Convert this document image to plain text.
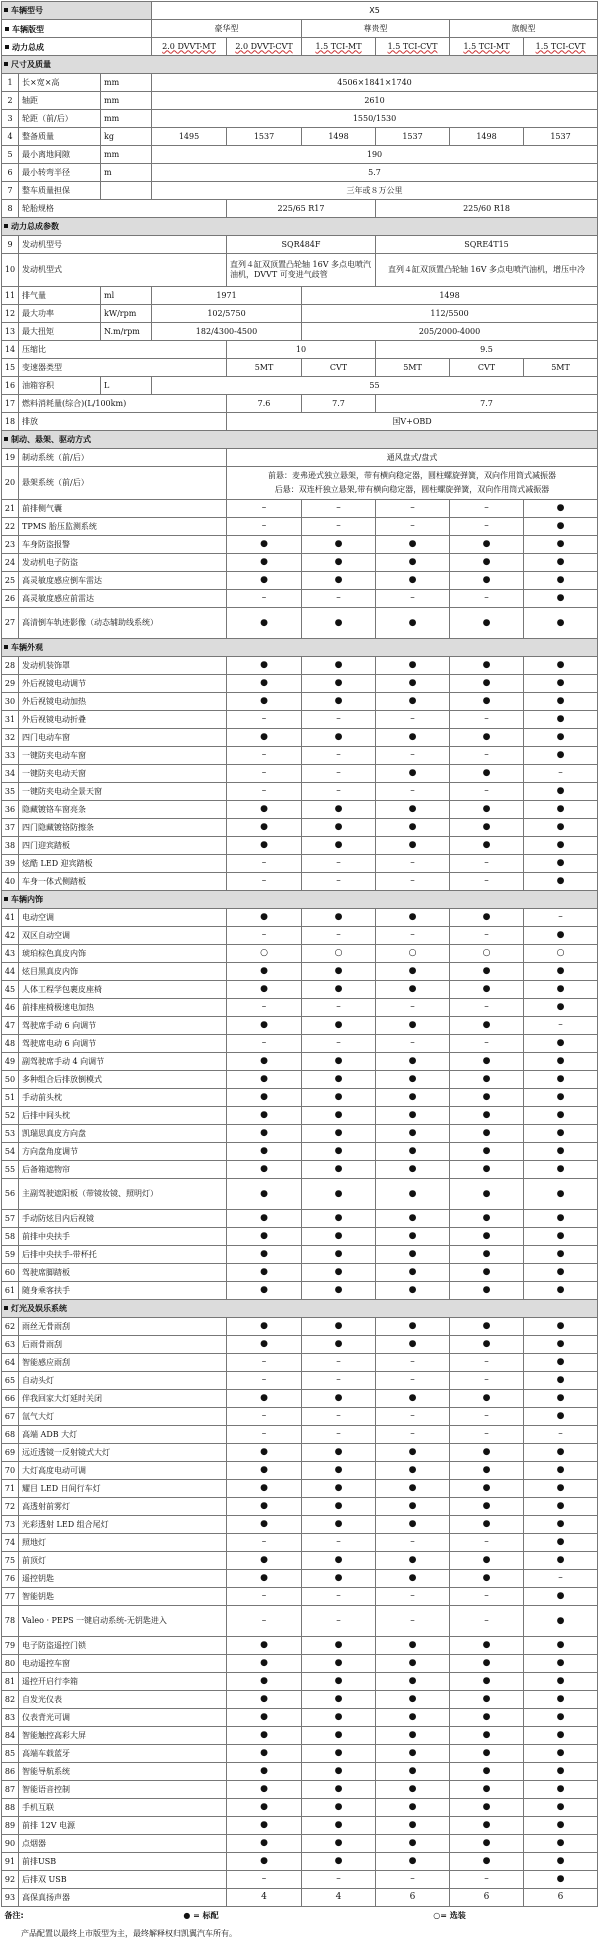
车辆型号			X5						
车辆版型			豪华型		尊贵型		旗舰型		
动力总成			2.0 DVVT-MT	2.0 DVVT-CVT	1.5 TCI-MT	1.5 TCI-CVT	1.5 TCI-MT	1.5 TCI-CVT	
尺寸及质量									
1	长×宽×高	mm	4506×1841×1740						
2	轴距	mm	2610						
3	轮距（前/后）	mm	1550/1530						
4	整备质量	kg	1495	1537	1498	1537	1498	1537	
5	最小离地间隙	mm	190						
6	最小转弯半径	m	5.7						
7	整车质量担保		三年或８万公里						
8	轮胎规格			225/65 R17		225/60 R18			
动力总成参数									
9	发动机型号			SQR484F		SQRE4T15			
10	发动机型式			直列４缸双顶置凸轮轴 16V 多点电喷汽油机，DVVT 可变进气歧管		直列４缸双顶置凸轮轴 16V 多点电喷汽油机，增压中冷			
11	排气量	ml	1971		1498				
12	最大功率	kW/rpm	102/5750		112/5500				
13	最大扭矩	N.m/rpm	182/4300-4500		205/2000-4000				
14	压缩比			10		9.5			
15	变速器类型			5MT	CVT	5MT	CVT	5MT	
16	油箱容积	L	55						
17	燃料消耗量(综合)(L/100km)			7.6	7.7	7.7			
18	排放			国Ⅴ+OBD					
制动、悬架、驱动方式									
19	制动系统（前/后）			通风盘式/盘式					
20	悬架系统（前/后）			前悬：麦弗逊式独立悬架，带有横向稳定器，圆柱螺旋弹簧，双向作用筒式减振器
后悬：双连杆独立悬架,带有横向稳定器，圆柱螺旋弹簧，双向作用筒式减振器					

21	前排侧气囊			–	–	–	–	●	
22	TPMS 胎压监测系统			–	–	–	–	●	
23	车身防盗报警			●	●	●	●	●	
24	发动机电子防盗			●	●	●	●	●	
25	高灵敏度感应倒车雷达			●	●	●	●	●	
26	高灵敏度感应前雷达			–	–	–	–	●	
27	高清倒车轨迹影像（动态辅助线系统）			●	●	●	●	●	
车辆外观									
28	发动机装饰罩			●	●	●	●	●	
29	外后视镜电动调节			●	●	●	●	●	
30	外后视镜电动加热			●	●	●	●	●	
31	外后视镜电动折叠			–	–	–	–	●	
32	四门电动车窗			●	●	●	●	●	
33	一键防夹电动车窗			–	–	–	–	●	
34	一键防夹电动天窗			–	–	●	●	–	
35	一键防夹电动全景天窗			–	–	–	–	●	
36	隐藏镀铬车窗亮条			●	●	●	●	●	
37	四门隐藏镀铬防擦条			●	●	●	●	●	
38	四门迎宾踏板			●	●	●	●	●	
39	炫酷 LED 迎宾踏板			–	–	–	–	●	
40	车身一体式侧踏板			–	–	–	–	●	
车辆内饰									
41	电动空调			●	●	●	●	–	
42	双区自动空调			–	–	–	–	●	
43	琥珀棕色真皮内饰			○	○	○	○	○	
44	炫目黑真皮内饰			●	●	●	●	●	
45	人体工程学包裹皮座椅			●	●	●	●	●	
46	前排座椅极速电加热			–	–	–	–	●	
47	驾驶席手动 6 向调节			●	●	●	●	–	
48	驾驶席电动 6 向调节			–	–	–	–	●	
49	副驾驶席手动 4 向调节			●	●	●	●	●	
50	多种组合后排放倒模式			●	●	●	●	●	
51	手动前头枕			●	●	●	●	●	
52	后排中间头枕			●	●	●	●	●	
53	凯瑞思真皮方向盘			●	●	●	●	●	
54	方向盘角度调节			●	●	●	●	●	
55	后备箱遮物帘			●	●	●	●	●	
56	主副驾驶遮阳板（带镜妆镜、照明灯）			●	●	●	●	●	
57	手动防炫目内后视镜			●	●	●	●	●	
58	前排中央扶手			●	●	●	●	●	
59	后排中央扶手-带杯托			●	●	●	●	●	
60	驾驶席脚踏板			●	●	●	●	●	
61	随身乘客扶手			●	●	●	●	●	
灯光及娱乐系统									
62	雨丝无骨雨刮			●	●	●	●	●	
63	后雨骨雨刮			●	●	●	●	●	
64	智能感应雨刮			–	–	–	–	●	
65	自动头灯			–	–	–	–	●	
66	伴我回家大灯延时关闭			●	●	●	●	●	
67	氙气大灯			–	–	–	–	●	
68	高端 ADB 大灯			–	–	–	–	–	
69	远近透镜一反射镜式大灯			●	●	●	●	●	
70	大灯高度电动可调			●	●	●	●	●	
71	耀目 LED 日间行车灯			●	●	●	●	●	
72	高透射前雾灯			●	●	●	●	●	
73	光彩透射 LED 组合尾灯			●	●	●	●	●	
74	照地灯			–	–	–	–	●	
75	前顶灯			●	●	●	●	●	
76	遥控钥匙			●	●	●	●	–	
77	智能钥匙			–	–	–	–	●	
78	Valeo · PEPS 一键启动系统-无钥匙进入			–	–	–	–	●	
79	电子防盗遥控门锁			●	●	●	●	●	
80	电动遥控车窗			●	●	●	●	●	
81	遥控开启行李箱			●	●	●	●	●	
82	自发光仪表			●	●	●	●	●	
83	仪表背光可调			●	●	●	●	●	
84	智能触控高彩大屏			●	●	●	●	●	
85	高端车载蓝牙			●	●	●	●	●	
86	智能导航系统			●	●	●	●	●	
87	智能语音控制			●	●	●	●	●	
88	手机互联			●	●	●	●	●	
89	前排 12V 电源			●	●	●	●	●	
90	点烟器			●	●	●	●	●	
91	前排USB			●	●	●	●	●	
92	后排双 USB			–	–	–	–	●	
93	高保真扬声器			4	4	6	6	6	
备注:		● = 标配			○= 选装				
产品配置以最终上市版型为主，最终解释权归凯翼汽车所有。
